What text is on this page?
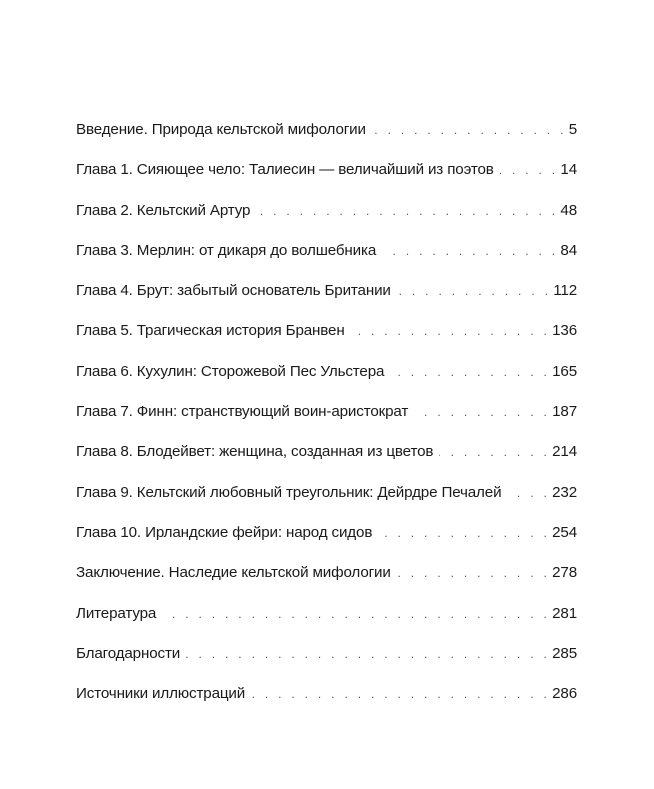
Введение. Природа кельтской мифологии . . .	5
Глава 1. Сияющее чело: Талиесин — величайший из поэтов . . .	14
Глава 2. Кельтский Артур . . .	48
Глава 3. Мерлин: от дикаря до волшебника . . .	84
Глава 4. Брут: забытый основатель Британии . . .	112
Глава 5. Трагическая история Бранвен . . .	136
Глава 6. Кухулин: Сторожевой Пес Ульстера . . .	165
Глава 7. Финн: странствующий воин-аристократ . . .	187
Глава 8. Блодейвет: женщина, созданная из цветов . . .	214
Глава 9. Кельтский любовный треугольник: Дейрдре Печалей . . .	232
Глава 10. Ирландские фейри: народ сидов . . .	254
Заключение. Наследие кельтской мифологии . . .	278
Литература . . .	281
Благодарности . . .	285
Источники иллюстраций . . .	286
